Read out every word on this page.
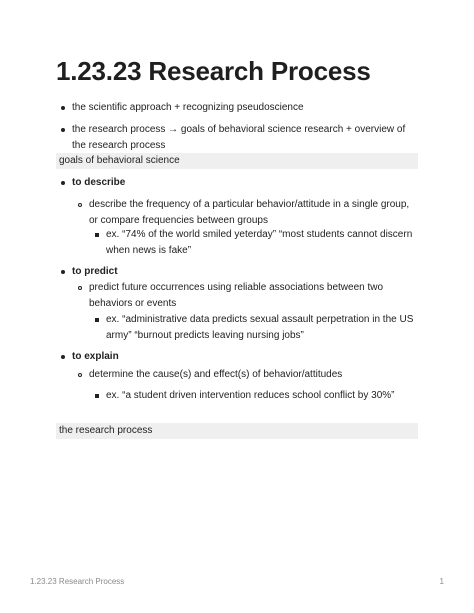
1.23.23 Research Process
the scientific approach + recognizing pseudoscience
the research process → goals of behavioral science research + overview of the research process
goals of behavioral science
to describe
describe the frequency of a particular behavior/attitude in a single group, or compare frequencies between groups
ex. “74% of the world smiled yeterday” “most students cannot discern when news is fake”
to predict
predict future occurrences using reliable associations between two behaviors or events
ex. “administrative data predicts sexual assault perpetration in the US army” “burnout predicts leaving nursing jobs”
to explain
determine the cause(s) and effect(s) of behavior/attitudes
ex. “a student driven intervention reduces school conflict by 30%”
the research process
1.23.23 Research Process	1
